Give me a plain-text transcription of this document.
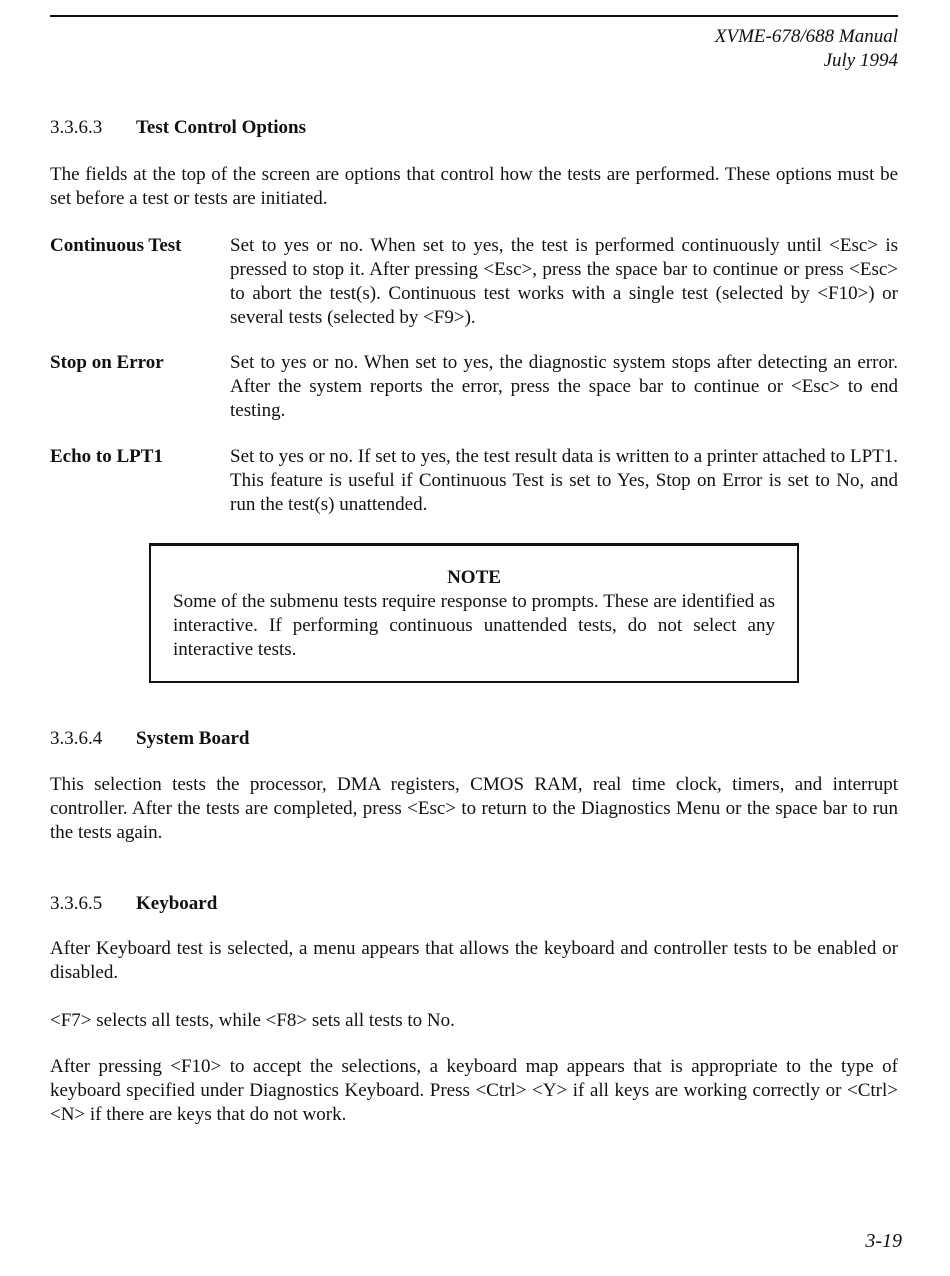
XVME-678/688 Manual
July 1994
3.3.6.3 Test Control Options
The fields at the top of the screen are options that control how the tests are performed. These options must be set before a test or tests are initiated.
Continuous Test	Set to yes or no. When set to yes, the test is performed continuously until <Esc> is pressed to stop it. After pressing <Esc>, press the space bar to continue or press <Esc> to abort the test(s). Continuous test works with a single test (selected by <F10>) or several tests (selected by <F9>).
Stop on Error	Set to yes or no. When set to yes, the diagnostic system stops after detecting an error. After the system reports the error, press the space bar to continue or <Esc> to end testing.
Echo to LPT1	Set to yes or no. If set to yes, the test result data is written to a printer attached to LPT1. This feature is useful if Continuous Test is set to Yes, Stop on Error is set to No, and run the test(s) unattended.
NOTE
Some of the submenu tests require response to prompts. These are identified as interactive. If performing continuous unattended tests, do not select any interactive tests.
3.3.6.4 System Board
This selection tests the processor, DMA registers, CMOS RAM, real time clock, timers, and interrupt controller. After the tests are completed, press <Esc> to return to the Diagnostics Menu or the space bar to run the tests again.
3.3.6.5 Keyboard
After Keyboard test is selected, a menu appears that allows the keyboard and controller tests to be enabled or disabled.
<F7> selects all tests, while <F8> sets all tests to No.
After pressing <F10> to accept the selections, a keyboard map appears that is appropriate to the type of keyboard specified under Diagnostics Keyboard. Press <Ctrl> <Y> if all keys are working correctly or <Ctrl> <N> if there are keys that do not work.
3-19
